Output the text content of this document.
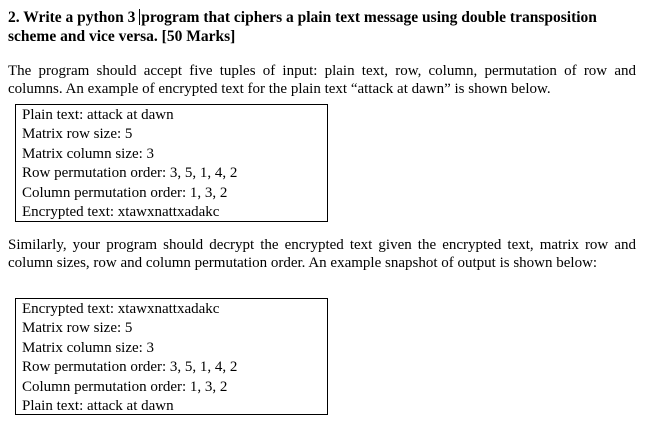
2. Write a python 3 program that ciphers a plain text message using double transposition scheme and vice versa. [50 Marks]
The program should accept five tuples of input: plain text, row, column, permutation of row and columns. An example of encrypted text for the plain text “attack at dawn” is shown below.
Plain text: attack at dawn
Matrix row size: 5
Matrix column size: 3
Row permutation order: 3, 5, 1, 4, 2
Column permutation order: 1, 3, 2
Encrypted text: xtawxnattxadakc
Similarly, your program should decrypt the encrypted text given the encrypted text, matrix row and column sizes, row and column permutation order. An example snapshot of output is shown below:
Encrypted text: xtawxnattxadakc
Matrix row size: 5
Matrix column size: 3
Row permutation order: 3, 5, 1, 4, 2
Column permutation order: 1, 3, 2
Plain text: attack at dawn
